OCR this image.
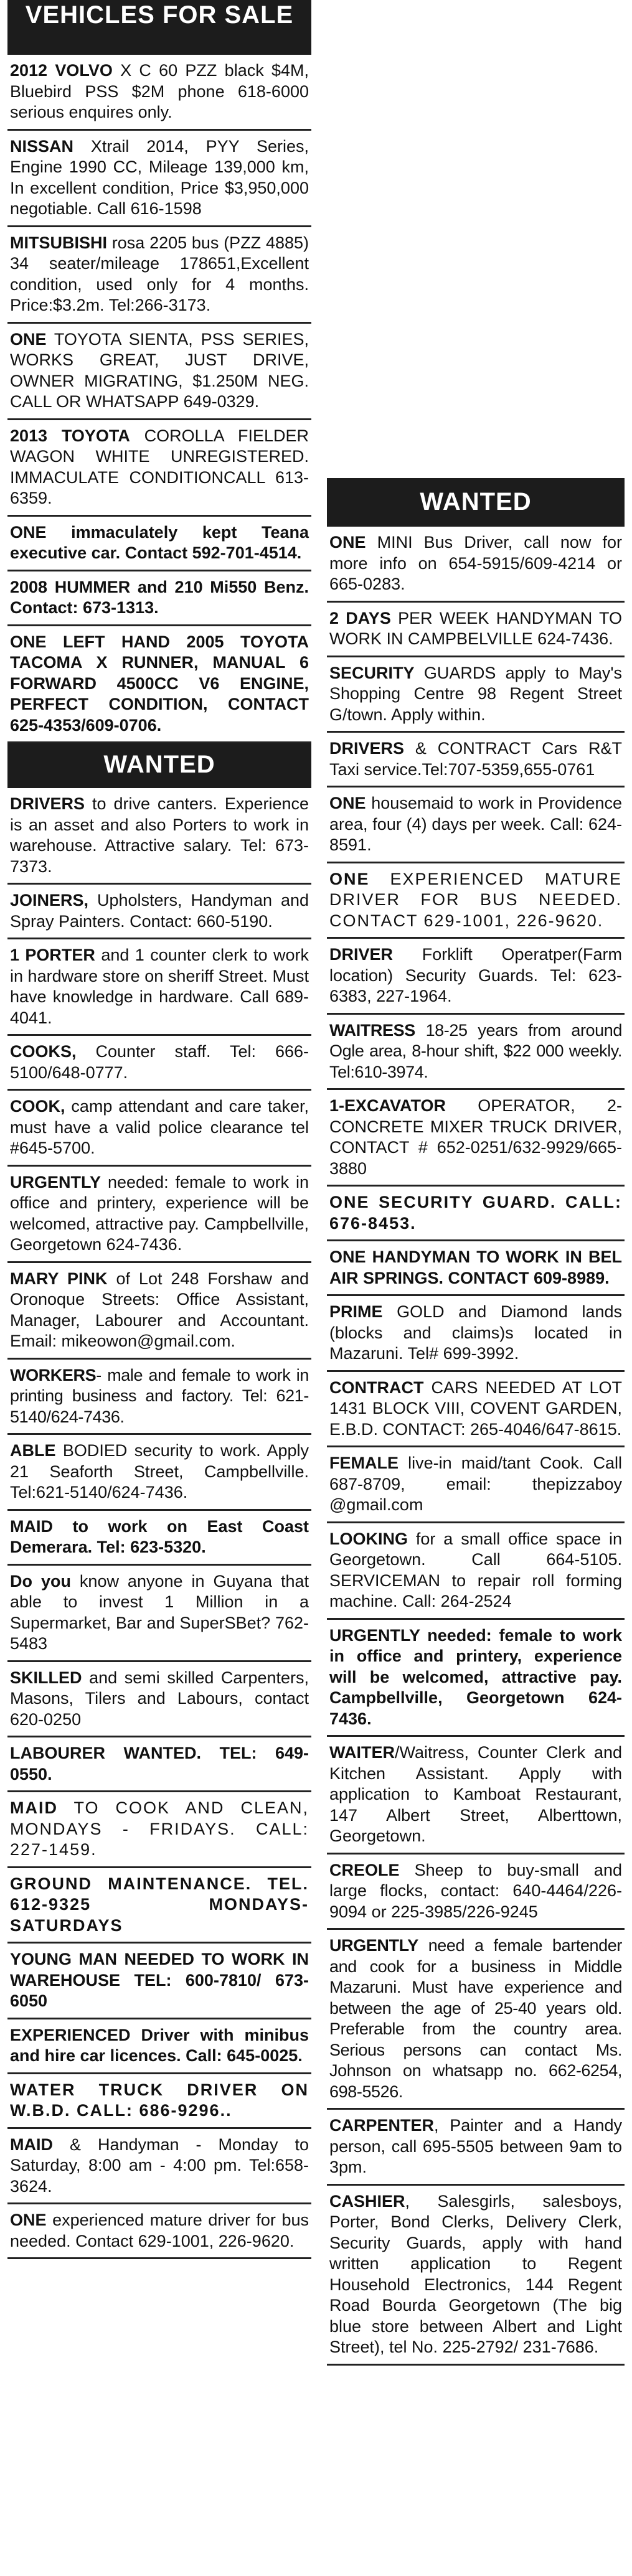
VEHICLES FOR SALE
2012 VOLVO X C 60 PZZ black $4M, Bluebird PSS $2M phone 618-6000 serious enquires only.
NISSAN Xtrail 2014, PYY Series, Engine 1990 CC, Mileage 139,000 km, In excellent condition, Price $3,950,000 negotiable. Call 616-1598
MITSUBISHI rosa 2205 bus (PZZ 4885) 34 seater/mileage 178651,Excellent condition, used only for 4 months. Price:$3.2m. Tel:266-3173.
ONE TOYOTA SIENTA, PSS SERIES, WORKS GREAT, JUST DRIVE, OWNER MIGRATING, $1.250M NEG. CALL OR WHATSAPP 649-0329.
2013 TOYOTA COROLLA FIELDER WAGON WHITE UNREGISTERED. IMMACULATE CONDITIONCALL 613-6359.
ONE immaculately kept Teana executive car. Contact 592-701-4514.
2008 HUMMER and 210 Mi550 Benz. Contact: 673-1313.
ONE LEFT HAND 2005 TOYOTA TACOMA X RUNNER, MANUAL 6 FORWARD 4500CC V6 ENGINE, PERFECT CONDITION, CONTACT 625-4353/609-0706.
WANTED
DRIVERS to drive canters. Experience is an asset and also Porters to work in warehouse. Attractive salary. Tel: 673-7373.
JOINERS, Upholsters, Handyman and Spray Painters. Contact: 660-5190.
1 PORTER and 1 counter clerk to work in hardware store on sheriff Street. Must have knowledge in hardware. Call 689-4041.
COOKS, Counter staff. Tel: 666-5100/648-0777.
COOK, camp attendant and care taker, must have a valid police clearance tel #645-5700.
URGENTLY needed: female to work in office and printery, experience will be welcomed, attractive pay. Campbellville, Georgetown 624-7436.
MARY PINK of Lot 248 Forshaw and Oronoque Streets: Office Assistant, Manager, Labourer and Accountant. Email: mikeowon@gmail.com.
WORKERS- male and female to work in printing business and factory. Tel: 621-5140/624-7436.
ABLE BODIED security to work. Apply 21 Seaforth Street, Campbellville. Tel:621-5140/624-7436.
MAID to work on East Coast Demerara. Tel: 623-5320.
Do you know anyone in Guyana that able to invest 1 Million in a Supermarket, Bar and SuperSBet? 762-5483
SKILLED and semi skilled Carpenters, Masons, Tilers and Labours, contact 620-0250
LABOURER WANTED. TEL: 649-0550.
MAID TO COOK AND CLEAN, MONDAYS - FRIDAYS. CALL: 227-1459.
GROUND MAINTENANCE. TEL. 612-9325 MONDAYS-SATURDAYS
YOUNG MAN NEEDED TO WORK IN WAREHOUSE TEL: 600-7810/ 673-6050
EXPERIENCED Driver with minibus and hire car licences. Call: 645-0025.
WATER TRUCK DRIVER ON W.B.D. CALL: 686-9296..
MAID & Handyman - Monday to Saturday, 8:00 am - 4:00 pm. Tel:658-3624.
ONE experienced mature driver for bus needed. Contact 629-1001, 226-9620.
WANTED
ONE MINI Bus Driver, call now for more info on 654-5915/609-4214 or 665-0283.
2 DAYS PER WEEK HANDYMAN TO WORK IN CAMPBELVILLE 624-7436.
SECURITY GUARDS apply to May's Shopping Centre 98 Regent Street G/town. Apply within.
DRIVERS & CONTRACT Cars R&T Taxi service.Tel:707-5359,655-0761
ONE housemaid to work in Providence area, four (4) days per week. Call: 624-8591.
ONE EXPERIENCED MATURE DRIVER FOR BUS NEEDED. CONTACT 629-1001, 226-9620.
DRIVER Forklift Operatper(Farm location) Security Guards. Tel: 623-6383, 227-1964.
WAITRESS 18-25 years from around Ogle area, 8-hour shift, $22 000 weekly. Tel:610-3974.
1-EXCAVATOR OPERATOR, 2- CONCRETE MIXER TRUCK DRIVER, CONTACT # 652-0251/632-9929/665-3880
ONE SECURITY GUARD. CALL: 676-8453.
ONE HANDYMAN TO WORK IN BEL AIR SPRINGS. CONTACT 609-8989.
PRIME GOLD and Diamond lands (blocks and claims)s located in Mazaruni. Tel# 699-3992.
CONTRACT CARS NEEDED AT LOT 1431 BLOCK VIII, COVENT GARDEN, E.B.D. CONTACT: 265-4046/647-8615.
FEMALE live-in maid/tant Cook. Call 687-8709, email: thepizzaboy @gmail.com
LOOKING for a small office space in Georgetown. Call 664-5105. SERVICEMAN to repair roll forming machine. Call: 264-2524
URGENTLY needed: female to work in office and printery, experience will be welcomed, attractive pay. Campbellville, Georgetown 624-7436.
WAITER/Waitress, Counter Clerk and Kitchen Assistant. Apply with application to Kamboat Restaurant, 147 Albert Street, Alberttown, Georgetown.
CREOLE Sheep to buy-small and large flocks, contact: 640-4464/226-9094 or 225-3985/226-9245
URGENTLY need a female bartender and cook for a business in Middle Mazaruni. Must have experience and between the age of 25-40 years old. Preferable from the country area. Serious persons can contact Ms. Johnson on whatsapp no. 662-6254, 698-5526.
CARPENTER, Painter and a Handy person, call 695-5505 between 9am to 3pm.
CASHIER, Salesgirls, salesboys, Porter, Bond Clerks, Delivery Clerk, Security Guards, apply with hand written application to Regent Household Electronics, 144 Regent Road Bourda Georgetown (The big blue store between Albert and Light Street), tel No. 225-2792/ 231-7686.
